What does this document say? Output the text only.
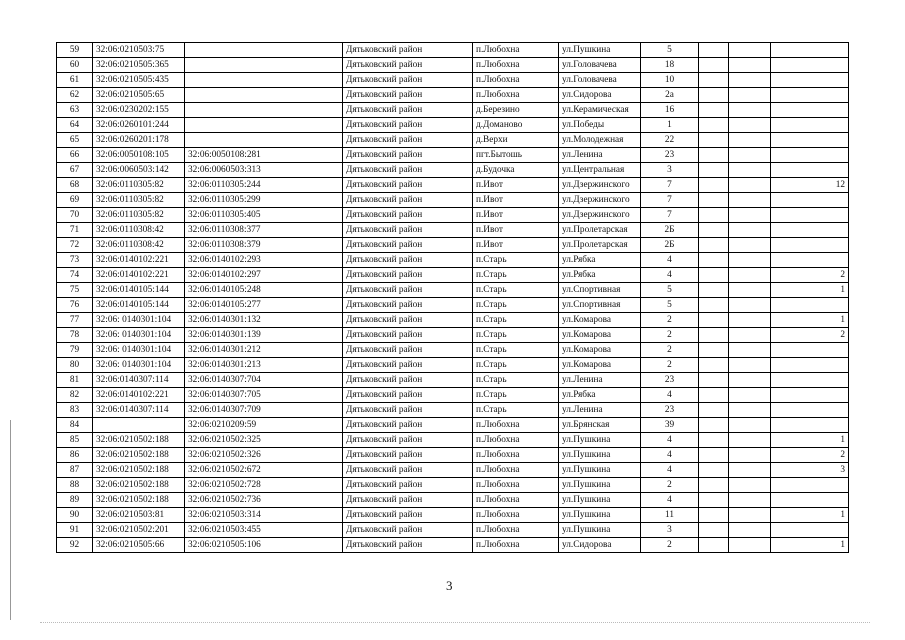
59	32:06:0210503:75		Дятьковский район	п.Любохна	ул.Пушкина	5			
60	32:06:0210505:365		Дятьковский район	п.Любохна	ул.Головачева	18			
61	32:06:0210505:435		Дятьковский район	п.Любохна	ул.Головачева	10			
62	32:06:0210505:65		Дятьковский район	п.Любохна	ул.Сидорова	2а			
63	32:06:0230202:155		Дятьковский район	д.Березино	ул.Керамическая	16			
64	32:06:0260101:244		Дятьковский район	д.Доманово	ул.Победы	1			
65	32:06:0260201:178		Дятьковский район	д.Верхи	ул.Молодежная	22			
66	32:06:0050108:105	32:06:0050108:281	Дятьковский район	пгт.Бытошь	ул.Ленина	23			
67	32:06:0060503:142	32:06:0060503:313	Дятьковский район	д.Будочка	ул.Центральная	3			
68	32:06:0110305:82	32:06:0110305:244	Дятьковский район	п.Ивот	ул.Дзержинского	7			12
69	32:06:0110305:82	32:06:0110305:299	Дятьковский район	п.Ивот	ул.Дзержинского	7			
70	32:06:0110305:82	32:06:0110305:405	Дятьковский район	п.Ивот	ул.Дзержинского	7			
71	32:06:0110308:42	32:06:0110308:377	Дятьковский район	п.Ивот	ул.Пролетарская	2Б			
72	32:06:0110308:42	32:06:0110308:379	Дятьковский район	п.Ивот	ул.Пролетарская	2Б			
73	32:06:0140102:221	32:06:0140102:293	Дятьковский район	п.Старь	ул.Рябка	4			
74	32:06:0140102:221	32:06:0140102:297	Дятьковский район	п.Старь	ул.Рябка	4			2
75	32:06:0140105:144	32:06:0140105:248	Дятьковский район	п.Старь	ул.Спортивная	5			1
76	32:06:0140105:144	32:06:0140105:277	Дятьковский район	п.Старь	ул.Спортивная	5			
77	32:06: 0140301:104	32:06:0140301:132	Дятьковский район	п.Старь	ул.Комарова	2			1
78	32:06: 0140301:104	32:06:0140301:139	Дятьковский район	п.Старь	ул.Комарова	2			2
79	32:06: 0140301:104	32:06:0140301:212	Дятьковский район	п.Старь	ул.Комарова	2			
80	32:06: 0140301:104	32:06:0140301:213	Дятьковский район	п.Старь	ул.Комарова	2			
81	32:06:0140307:114	32:06:0140307:704	Дятьковский район	п.Старь	ул.Ленина	23			
82	32:06:0140102:221	32:06:0140307:705	Дятьковский район	п.Старь	ул.Рябка	4			
83	32:06:0140307:114	32:06:0140307:709	Дятьковский район	п.Старь	ул.Ленина	23			
84		32:06:0210209:59	Дятьковский район	п.Любохна	ул.Брянская	39			
85	32:06:0210502:188	32:06:0210502:325	Дятьковский район	п.Любохна	ул.Пушкина	4			1
86	32:06:0210502:188	32:06:0210502:326	Дятьковский район	п.Любохна	ул.Пушкина	4			2
87	32:06:0210502:188	32:06:0210502:672	Дятьковский район	п.Любохна	ул.Пушкина	4			3
88	32:06:0210502:188	32:06:0210502:728	Дятьковский район	п.Любохна	ул.Пушкина	2			
89	32:06:0210502:188	32:06:0210502:736	Дятьковский район	п.Любохна	ул.Пушкина	4			
90	32:06:0210503:81	32:06:0210503:314	Дятьковский район	п.Любохна	ул.Пушкина	11			1
91	32:06:0210502:201	32:06:0210503:455	Дятьковский район	п.Любохна	ул.Пушкина	3			
92	32:06:0210505:66	32:06:0210505:106	Дятьковский район	п.Любохна	ул.Сидорова	2			1
3
